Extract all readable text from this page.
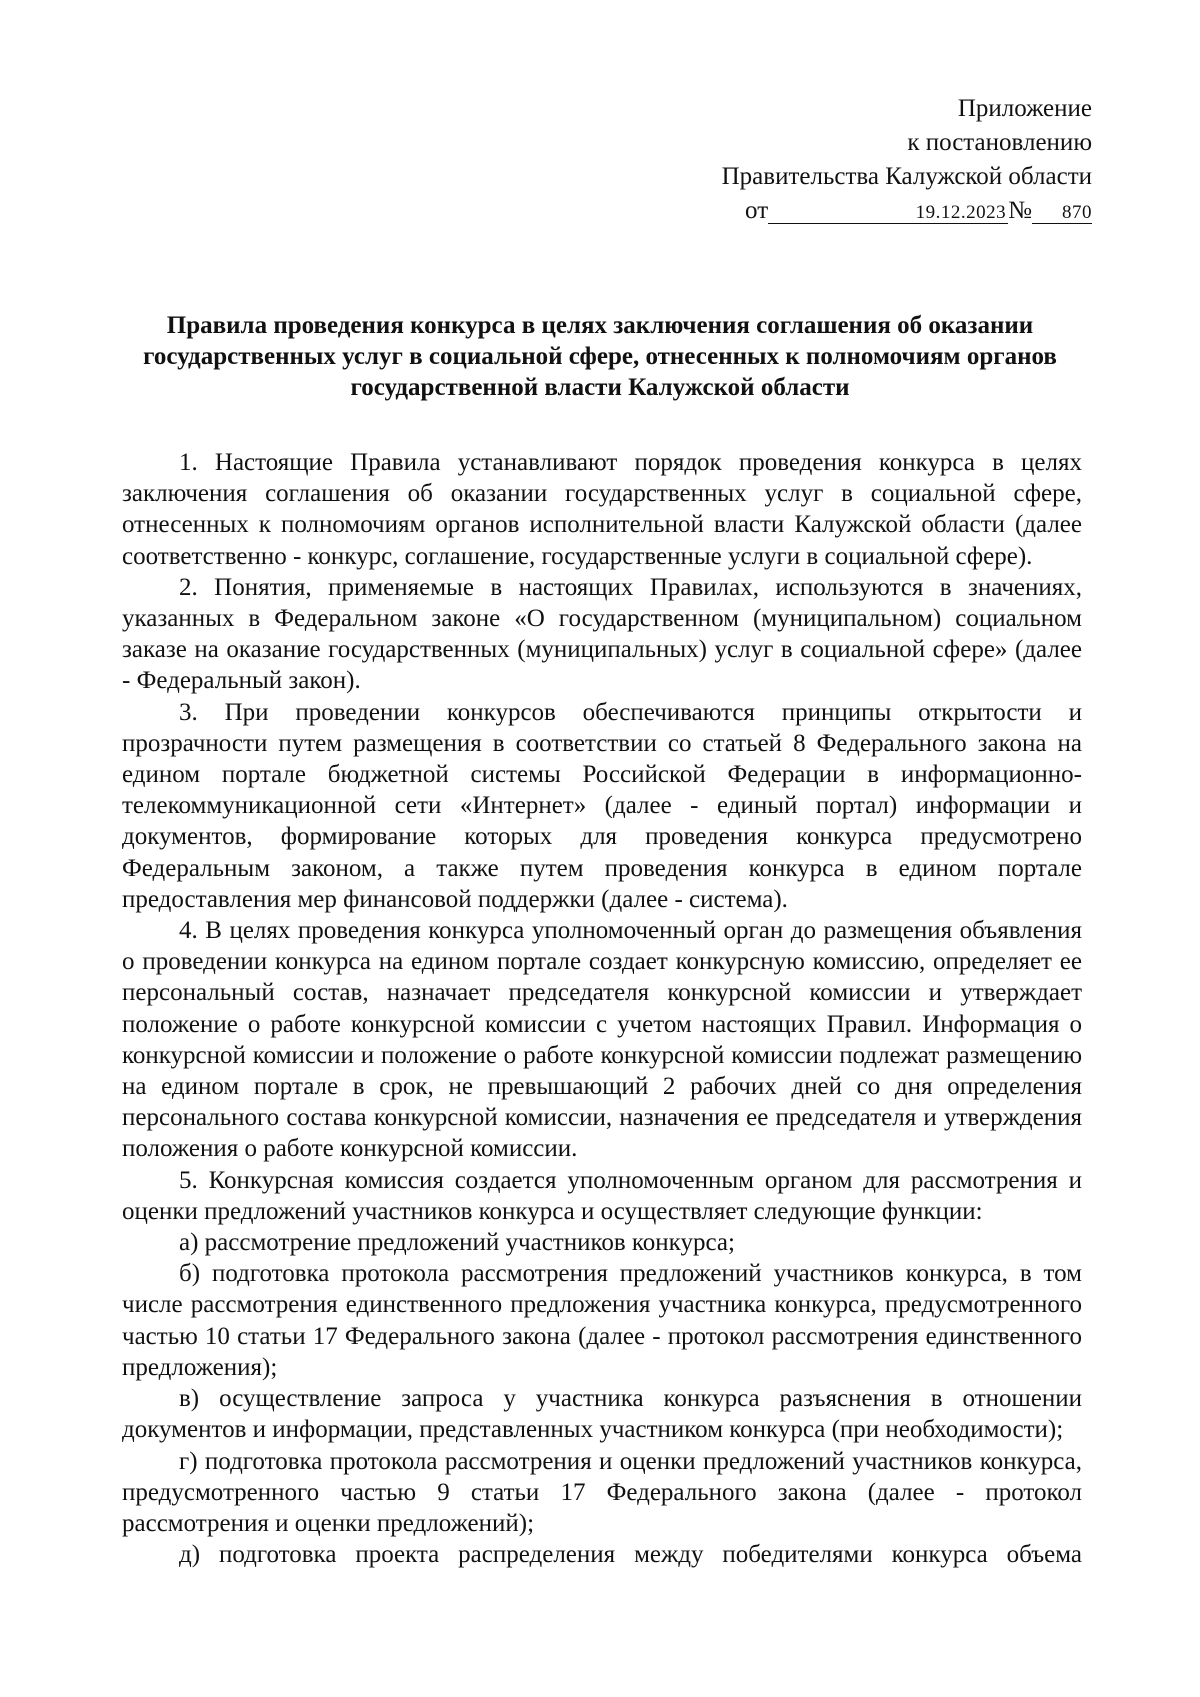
Приложение
к постановлению
Правительства Калужской области
от	19.12.2023№ 870
Правила проведения конкурса в целях заключения соглашения об оказании
государственных услуг в социальной сфере, отнесенных к полномочиям органов
государственной власти Калужской области

1. Настоящие Правила устанавливают порядок проведения конкурса в целях заключения соглашения об оказании государственных услуг в социальной сфере, отнесенных к полномочиям органов исполнительной власти Калужской области (далее соответственно - конкурс, соглашение, государственные услуги в социальной сфере).

2. Понятия, применяемые в настоящих Правилах, используются в значениях, указанных в Федеральном законе «О государственном (муниципальном) социальном заказе на оказание государственных (муниципальных) услуг в социальной сфере» (далее - Федеральный закон).

3. При проведении конкурсов обеспечиваются принципы открытости и прозрачности путем размещения в соответствии со статьей 8 Федерального закона на едином портале бюджетной системы Российской Федерации в информационно-телекоммуникационной сети «Интернет» (далее - единый портал) информации и документов, формирование которых для проведения конкурса предусмотрено Федеральным законом, а также путем проведения конкурса в едином портале предоставления мер финансовой поддержки (далее - система).

4. В целях проведения конкурса уполномоченный орган до размещения объявления о проведении конкурса на едином портале создает конкурсную комиссию, определяет ее персональный состав, назначает председателя конкурсной комиссии и утверждает положение о работе конкурсной комиссии с учетом настоящих Правил. Информация о конкурсной комиссии и положение о работе конкурсной комиссии подлежат размещению на едином портале в срок, не превышающий 2 рабочих дней со дня определения персонального состава конкурсной комиссии, назначения ее председателя и утверждения положения о работе конкурсной комиссии.

5. Конкурсная комиссия создается уполномоченным органом для рассмотрения и оценки предложений участников конкурса и осуществляет следующие функции:

а) рассмотрение предложений участников конкурса;

б) подготовка протокола рассмотрения предложений участников конкурса, в том числе рассмотрения единственного предложения участника конкурса, предусмотренного частью 10 статьи 17 Федерального закона (далее - протокол рассмотрения единственного предложения);

в) осуществление запроса у участника конкурса разъяснения в отношении документов и информации, представленных участником конкурса (при необходимости);

г) подготовка протокола рассмотрения и оценки предложений участников конкурса, предусмотренного частью 9 статьи 17 Федерального закона (далее - протокол рассмотрения и оценки предложений);

д) подготовка проекта распределения между победителями конкурса объема
